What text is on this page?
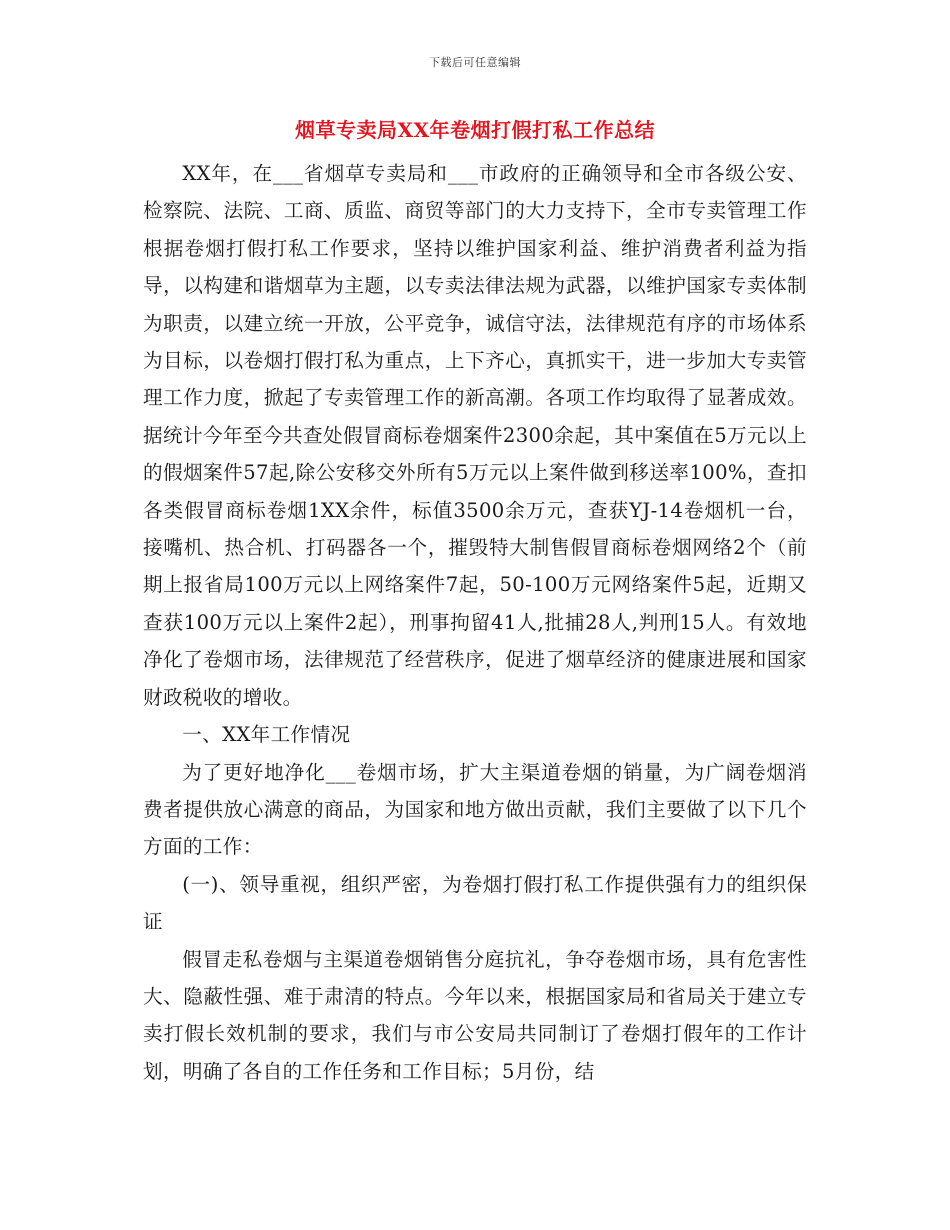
下载后可任意编辑
烟草专卖局XX年卷烟打假打私工作总结

XX年，在___省烟草专卖局和___市政府的正确领导和全市各级公安、检察院、法院、工商、质监、商贸等部门的大力支持下，全市专卖管理工作根据卷烟打假打私工作要求，坚持以维护国家利益、维护消费者利益为指导，以构建和谐烟草为主题，以专卖法律法规为武器，以维护国家专卖体制为职责，以建立统一开放，公平竞争，诚信守法，法律规范有序的市场体系为目标，以卷烟打假打私为重点，上下齐心，真抓实干，进一步加大专卖管理工作力度，掀起了专卖管理工作的新高潮。各项工作均取得了显著成效。据统计今年至今共查处假冒商标卷烟案件2300余起，其中案值在5万元以上的假烟案件57起,除公安移交外所有5万元以上案件做到移送率100%，查扣各类假冒商标卷烟1XX余件，标值3500余万元，查获YJ-14卷烟机一台，接嘴机、热合机、打码器各一个，摧毁特大制售假冒商标卷烟网络2个（前期上报省局100万元以上网络案件7起，50-100万元网络案件5起，近期又查获100万元以上案件2起），刑事拘留41人,批捕28人,判刑15人。有效地净化了卷烟市场，法律规范了经营秩序，促进了烟草经济的健康进展和国家财政税收的增收。

一、XX年工作情况

为了更好地净化___卷烟市场，扩大主渠道卷烟的销量，为广阔卷烟消费者提供放心满意的商品，为国家和地方做出贡献，我们主要做了以下几个方面的工作：

(一)、领导重视，组织严密，为卷烟打假打私工作提供强有力的组织保证

假冒走私卷烟与主渠道卷烟销售分庭抗礼，争夺卷烟市场，具有危害性大、隐蔽性强、难于肃清的特点。今年以来，根据国家局和省局关于建立专卖打假长效机制的要求，我们与市公安局共同制订了卷烟打假年的工作计划，明确了各自的工作任务和工作目标；5月份，结
